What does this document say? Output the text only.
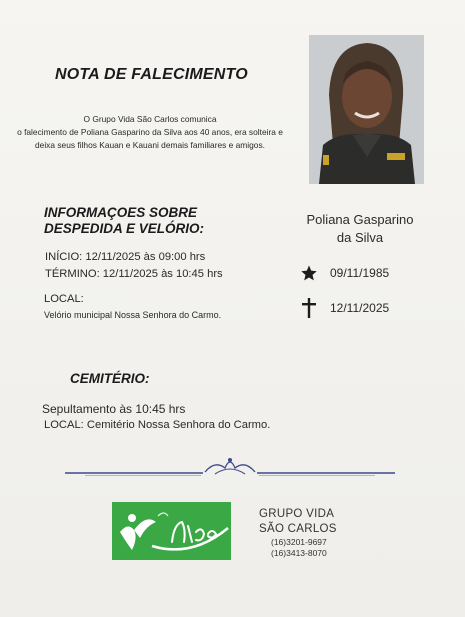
NOTA DE FALECIMENTO
O Grupo Vida São Carlos comunica
o falecimento de Poliana Gasparino da Silva aos 40 anos, era solteira e
deixa seus filhos Kauan e Kauani demais familiares e amigos.
INFORMAÇOES SOBRE
DESPEDIDA E VELÓRIO:
Poliana Gasparino
da Silva
INÍCIO: 12/11/2025 às 09:00 hrs
TÉRMINO: 12/11/2025 às 10:45 hrs	09/11/1985
LOCAL:
12/11/2025
Velório municipal Nossa Senhora do Carmo.
CEMITÉRIO:
Sepultamento às 10:45 hrs
LOCAL: Cemitério Nossa Senhora do Carmo.
GRUPO VIDA
SÃO CARLOS
(16)3201-9697
(16)3413-8070
